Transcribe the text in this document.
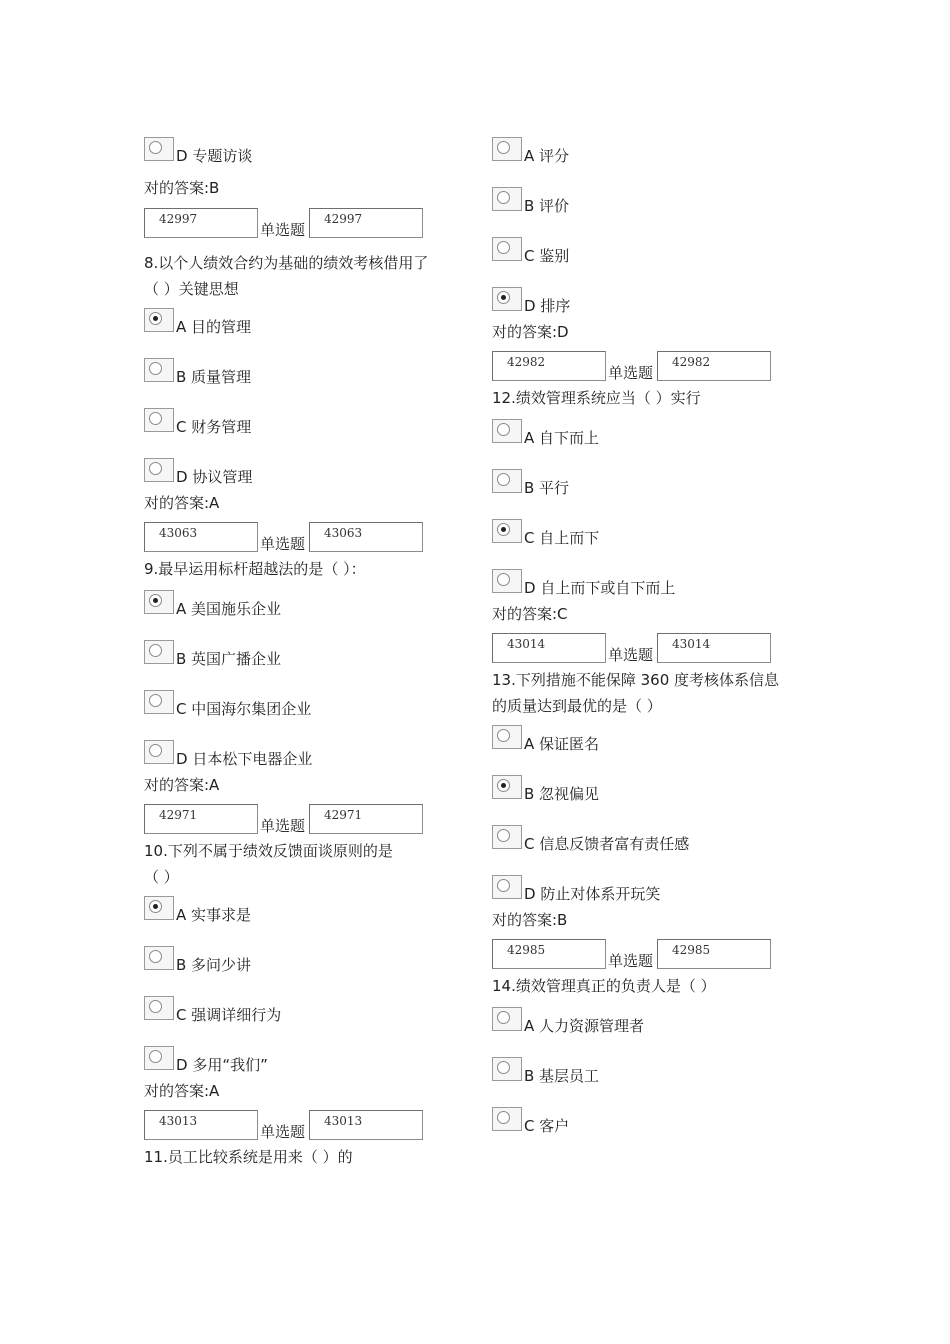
D 专题访谈
对的答案:B
42997
单选题
42997
8.以个人绩效合约为基础的绩效考核借用了
（ ）关键思想
A 目的管理
B 质量管理
C 财务管理
D 协议管理
对的答案:A
43063
单选题
43063
9.最早运用标杆超越法的是（ ）：
A 美国施乐企业
B 英国广播企业
C 中国海尔集团企业
D 日本松下电器企业
对的答案:A
42971
单选题
42971
10.下列不属于绩效反馈面谈原则的是
（ ）
A 实事求是
B 多问少讲
C 强调详细行为
D 多用“我们”
对的答案:A
43013
单选题
43013
11.员工比较系统是用来（ ）的
A 评分
B 评价
C 鉴别
D 排序
对的答案:D
42982
单选题
42982
12.绩效管理系统应当（ ）实行
A 自下而上
B 平行
C 自上而下
D 自上而下或自下而上
对的答案:C
43014
单选题
43014
13.下列措施不能保障 360 度考核体系信息
的质量达到最优的是（ ）
A 保证匿名
B 忽视偏见
C 信息反馈者富有责任感
D 防止对体系开玩笑
对的答案:B
42985
单选题
42985
14.绩效管理真正的负责人是（ ）
A 人力资源管理者
B 基层员工
C 客户
